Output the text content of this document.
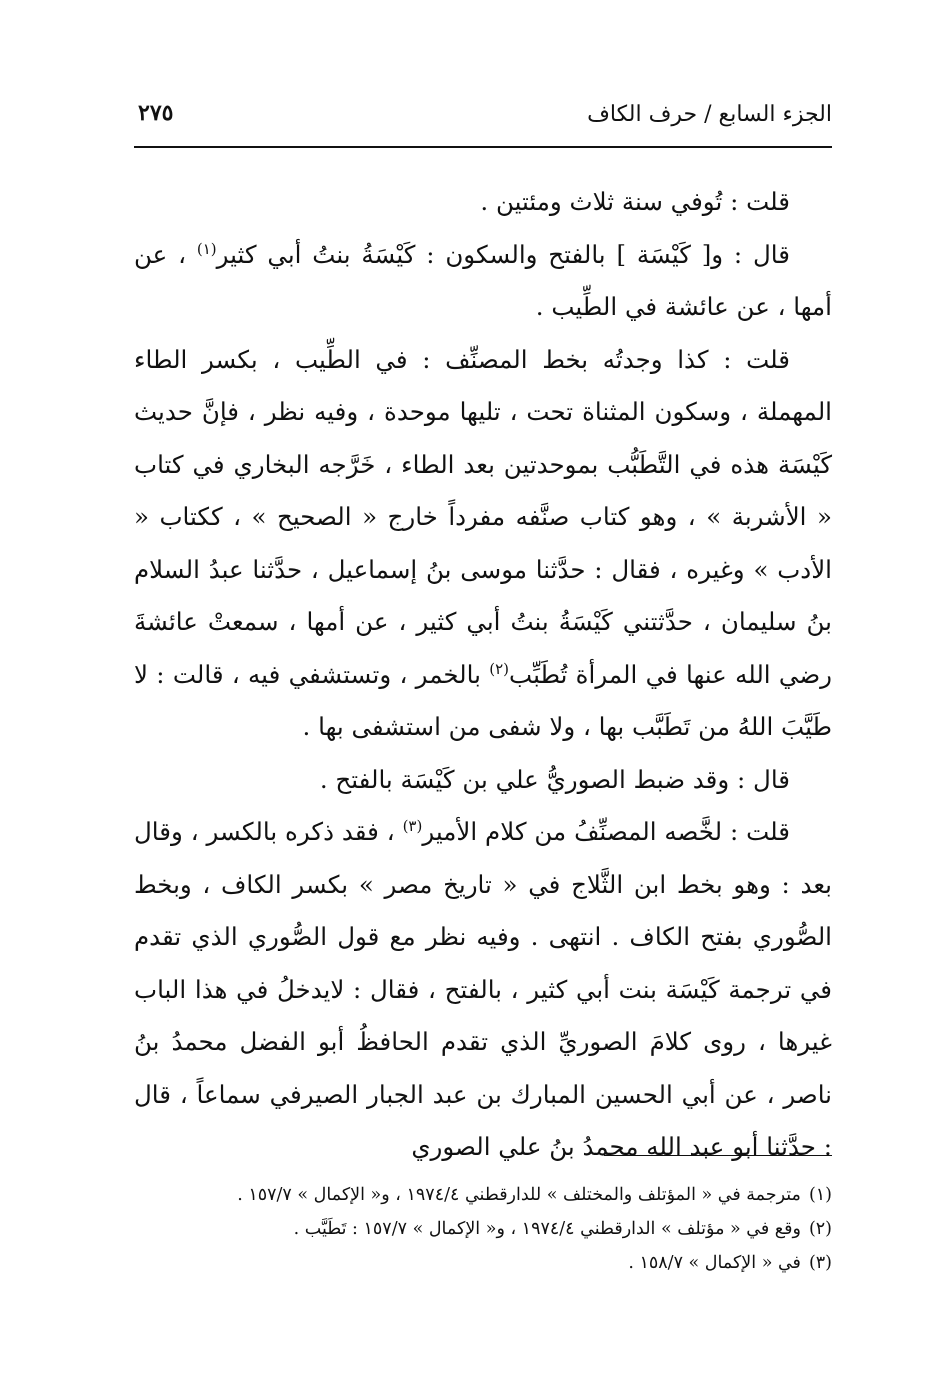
الجزء السابع / حرف الكاف
٢٧٥

قلت : تُوفي سنة ثلاث ومئتين .

قال : و[ كَيْسَة ] بالفتح والسكون : كَيْسَةُ بنتُ أبي كثير$^{(١)}$ ، عن أمها ، عن عائشة في الطِّيب .

قلت : كذا وجدتُه بخط المصنِّف : في الطِّيب ، بكسر الطاء المهملة ، وسكون المثناة تحت ، تليها موحدة ، وفيه نظر ، فإنَّ حديث كَيْسَة هذه في التَّطَبُّب بموحدتين بعد الطاء ، خَرَّجه البخاري في كتاب « الأشربة » ، وهو كتاب صنَّفه مفرداً خارج « الصحيح » ، ككتاب « الأدب » وغيره ، فقال : حدَّثنا موسى بنُ إسماعيل ، حدَّثنا عبدُ السلام بنُ سليمان ، حدَّثتني كَيْسَةُ بنتُ أبي كثير ، عن أمها ، سمعتْ عائشةَ رضي الله عنها في المرأة تُطَبِّب$^{(٢)}$ بالخمر ، وتستشفي فيه ، قالت : لا طَيَّبَ اللهُ من تَطَبَّب بها ، ولا شفى من استشفى بها .

قال : وقد ضبط الصوريُّ علي بن كَيْسَة بالفتح .

قلت : لخَّصه المصنِّفُ من كلام الأمير$^{(٣)}$ ، فقد ذكره بالكسر ، وقال بعد : وهو بخط ابن الثَّلاج في « تاريخ مصر » بكسر الكاف ، وبخط الصُّوري بفتح الكاف . انتهى . وفيه نظر مع قول الصُّوري الذي تقدم في ترجمة كَيْسَة بنت أبي كثير ، بالفتح ، فقال : لايدخلُ في هذا الباب غيرها ، روى كلامَ الصوريِّ الذي تقدم الحافظُ أبو الفضل محمدُ بنُ ناصر ، عن أبي الحسين المبارك بن عبد الجبار الصيرفي سماعاً ، قال : حدَّثنا أبو عبد الله محمدُ بنُ علي الصوري

(١)مترجمة في « المؤتلف والمختلف » للدارقطني ١٩٧٤/٤ ، و« الإكمال » ١٥٧/٧ .
(٢)وقع في « مؤتلف » الدارقطني ١٩٧٤/٤ ، و« الإكمال » ١٥٧/٧ : تَطَيَّب .
(٣)في « الإكمال » ١٥٨/٧ .
